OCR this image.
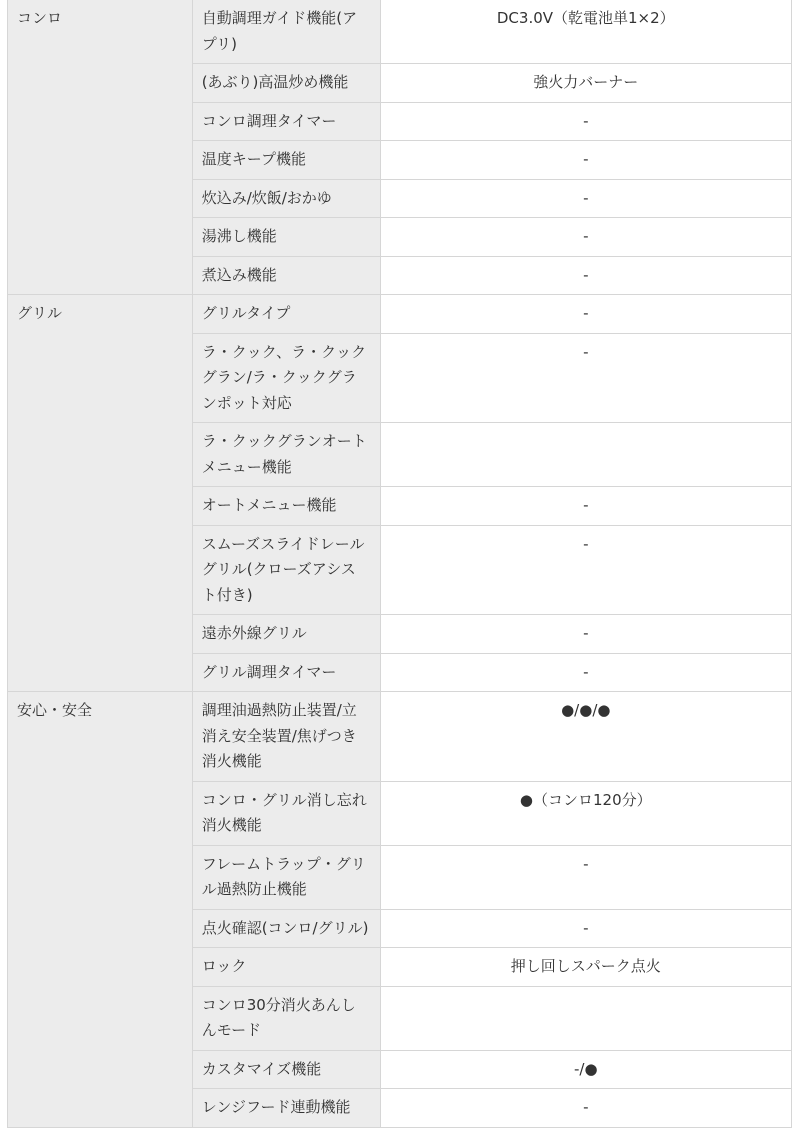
コンロ	自動調理ガイド機能(アプリ)	DC3.0V（乾電池単1×2）
	(あぶり)高温炒め機能	強火力バーナー
	コンロ調理タイマー	-
	温度キープ機能	-
	炊込み/炊飯/おかゆ	-
	湯沸し機能	-
	煮込み機能	-
グリル	グリルタイプ	-
	ラ・クック、ラ・クックグラン/ラ・クックグランポット対応	-
	ラ・クックグランオートメニュー機能	
	オートメニュー機能	-
	スムーズスライドレールグリル(クローズアシスト付き)	-
	遠赤外線グリル	-
	グリル調理タイマー	-
安心・安全	調理油過熱防止装置/立消え安全装置/焦げつき消火機能	●/●/●
	コンロ・グリル消し忘れ消火機能	●（コンロ120分）
	フレームトラップ・グリル過熱防止機能	-
	点火確認(コンロ/グリル)	-
	ロック	押し回しスパーク点火
	コンロ30分消火あんしんモード	
	カスタマイズ機能	-/●
	レンジフード連動機能	-
